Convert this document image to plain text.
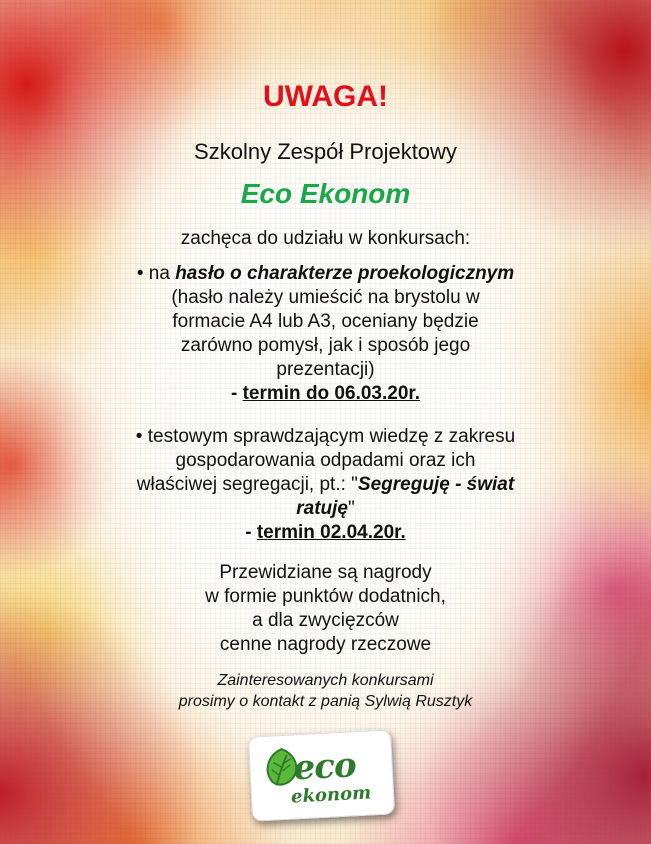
UWAGA!

Szkolny Zespół Projektowy

Eco Ekonom

zachęca do udziału w konkursach:

• na hasło o charakterze proekologicznym (hasło należy umieścić na brystolu w formacie A4 lub A3, oceniany będzie zarówno pomysł, jak i sposób jego prezentacji)
- termin do 06.03.20r.

• testowym sprawdzającym wiedzę z zakresu gospodarowania odpadami oraz ich właściwej segregacji, pt.: "Segreguję - świat ratuję"
- termin 02.04.20r.

Przewidziane są nagrody
w formie punktów dodatnich,
a dla zwycięzców
cenne nagrody rzeczowe

Zainteresowanych konkursami
prosimy o kontakt z panią Sylwią Rusztyk

eco
ekonom
